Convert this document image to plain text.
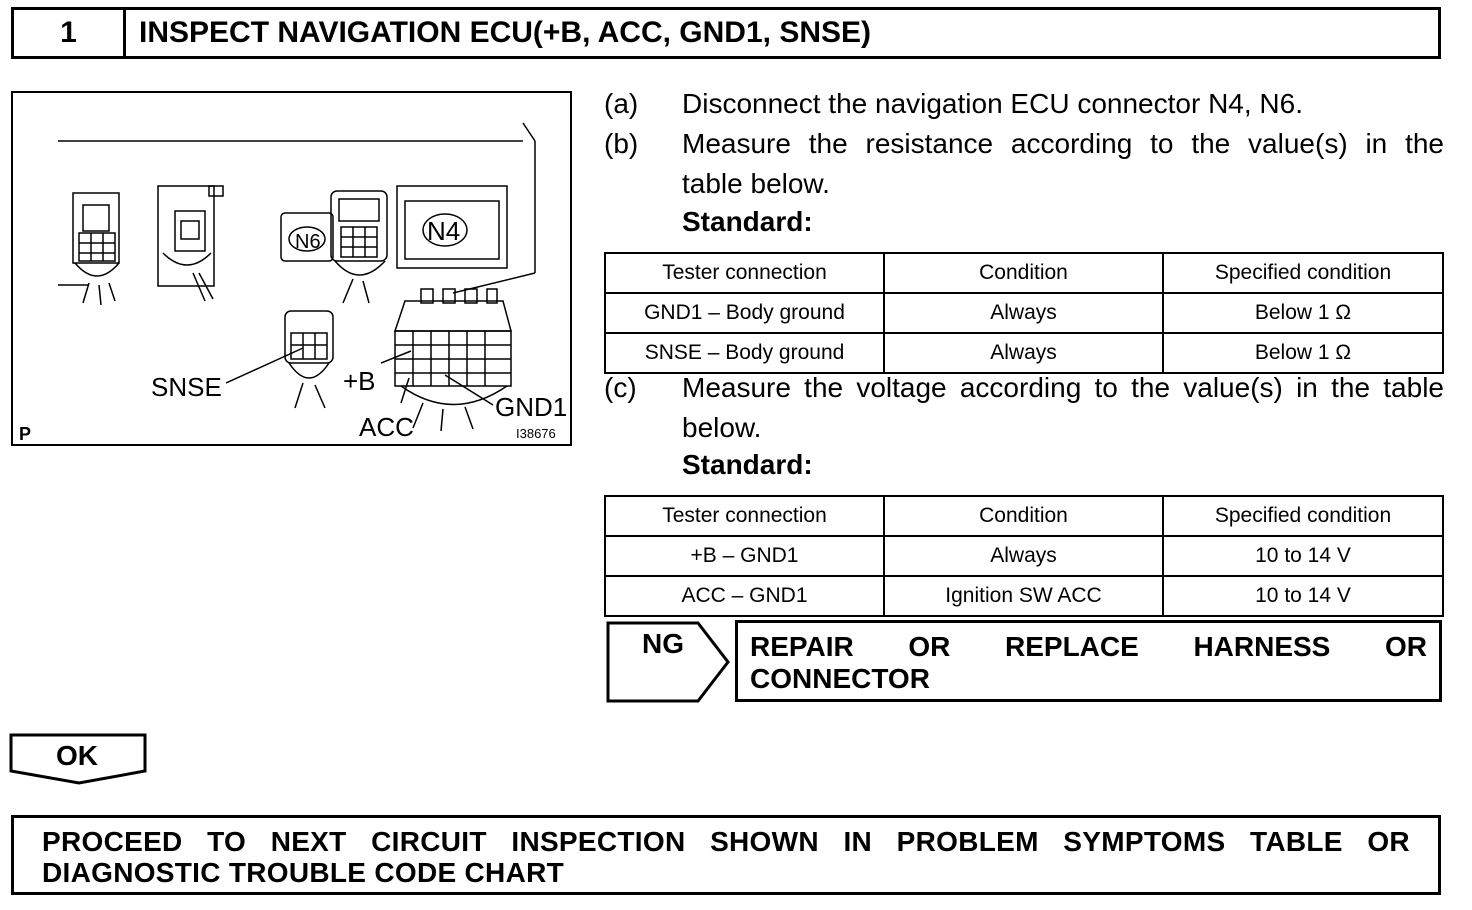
1	INSPECT NAVIGATION ECU(+B, ACC, GND1, SNSE)
N6	N4
SNSE	+B
ACC
GND1
P	I38676
(a) Disconnect the navigation ECU connector N4, N6.
(b) Measure the resistance according to the value(s) in the
table below.
Standard:
Tester connection	Condition	Specified condition
GND1 – Body ground	Always	Below 1 Ω
SNSE – Body ground	Always	Below 1 Ω
(c) Measure the voltage according to the value(s) in the table
below.
Standard:
Tester connection	Condition	Specified condition
+B – GND1	Always	10 to 14 V
ACC – GND1	Ignition SW ACC	10 to 14 V
NG	REPAIR OR REPLACE HARNESS OR
CONNECTOR
OK
PROCEED TO NEXT CIRCUIT INSPECTION SHOWN IN PROBLEM SYMPTOMS TABLE OR
DIAGNOSTIC TROUBLE CODE CHART
